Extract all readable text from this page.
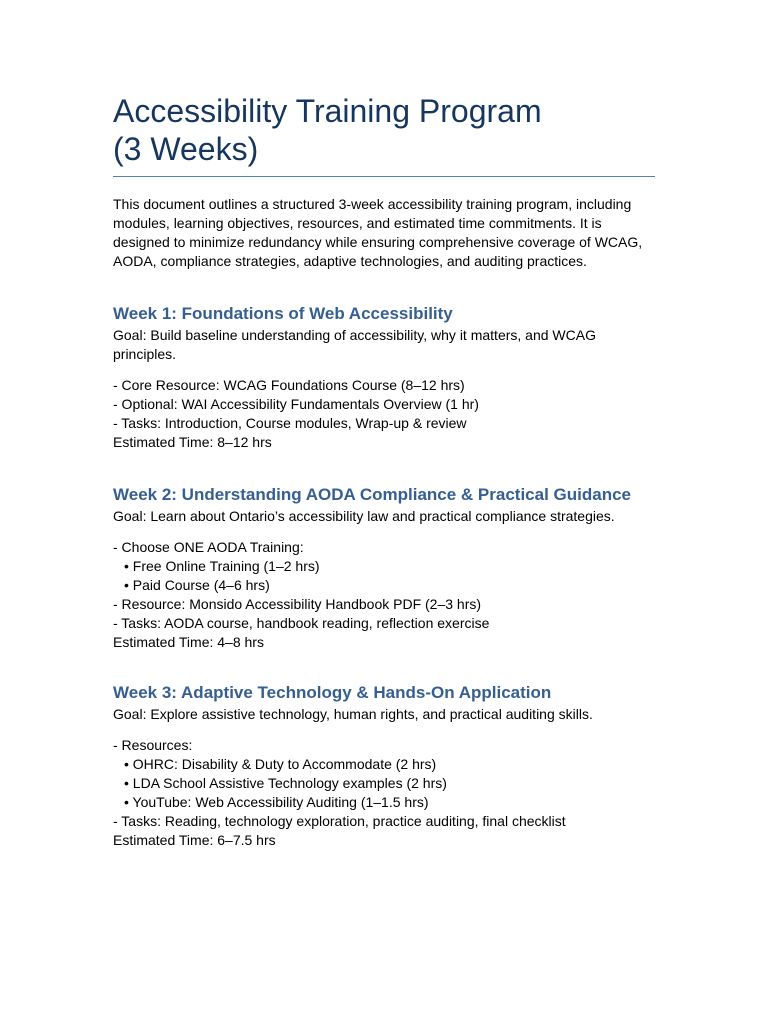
Accessibility Training Program
(3 Weeks)

This document outlines a structured 3-week accessibility training program, including modules, learning objectives, resources, and estimated time commitments. It is designed to minimize redundancy while ensuring comprehensive coverage of WCAG, AODA, compliance strategies, adaptive technologies, and auditing practices.

Week 1: Foundations of Web Accessibility
Goal: Build baseline understanding of accessibility, why it matters, and WCAG principles.
- Core Resource: WCAG Foundations Course (8–12 hrs)
- Optional: WAI Accessibility Fundamentals Overview (1 hr)
- Tasks: Introduction, Course modules, Wrap-up & review
Estimated Time: 8–12 hrs
Week 2: Understanding AODA Compliance & Practical Guidance
Goal: Learn about Ontario’s accessibility law and practical compliance strategies.
- Choose ONE AODA Training:
• Free Online Training (1–2 hrs)
• Paid Course (4–6 hrs)
- Resource: Monsido Accessibility Handbook PDF (2–3 hrs)
- Tasks: AODA course, handbook reading, reflection exercise
Estimated Time: 4–8 hrs
Week 3: Adaptive Technology & Hands-On Application
Goal: Explore assistive technology, human rights, and practical auditing skills.
- Resources:
• OHRC: Disability & Duty to Accommodate (2 hrs)
• LDA School Assistive Technology examples (2 hrs)
• YouTube: Web Accessibility Auditing (1–1.5 hrs)
- Tasks: Reading, technology exploration, practice auditing, final checklist
Estimated Time: 6–7.5 hrs
